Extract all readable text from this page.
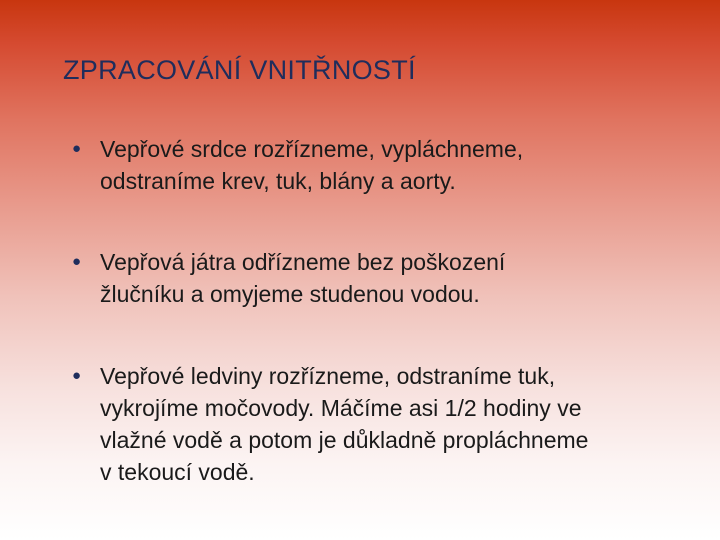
ZPRACOVÁNÍ VNITŘNOSTÍ
● Vepřové srdce rozřízneme, vypláchneme,
odstraníme krev, tuk, blány a aorty.
● Vepřová játra odřízneme bez poškození
žlučníku a omyjeme studenou vodou.
● Vepřové ledviny rozřízneme, odstraníme tuk,
vykrojíme močovody. Máčíme asi 1/2 hodiny ve
vlažné vodě a potom je důkladně propláchneme
v tekoucí vodě.
